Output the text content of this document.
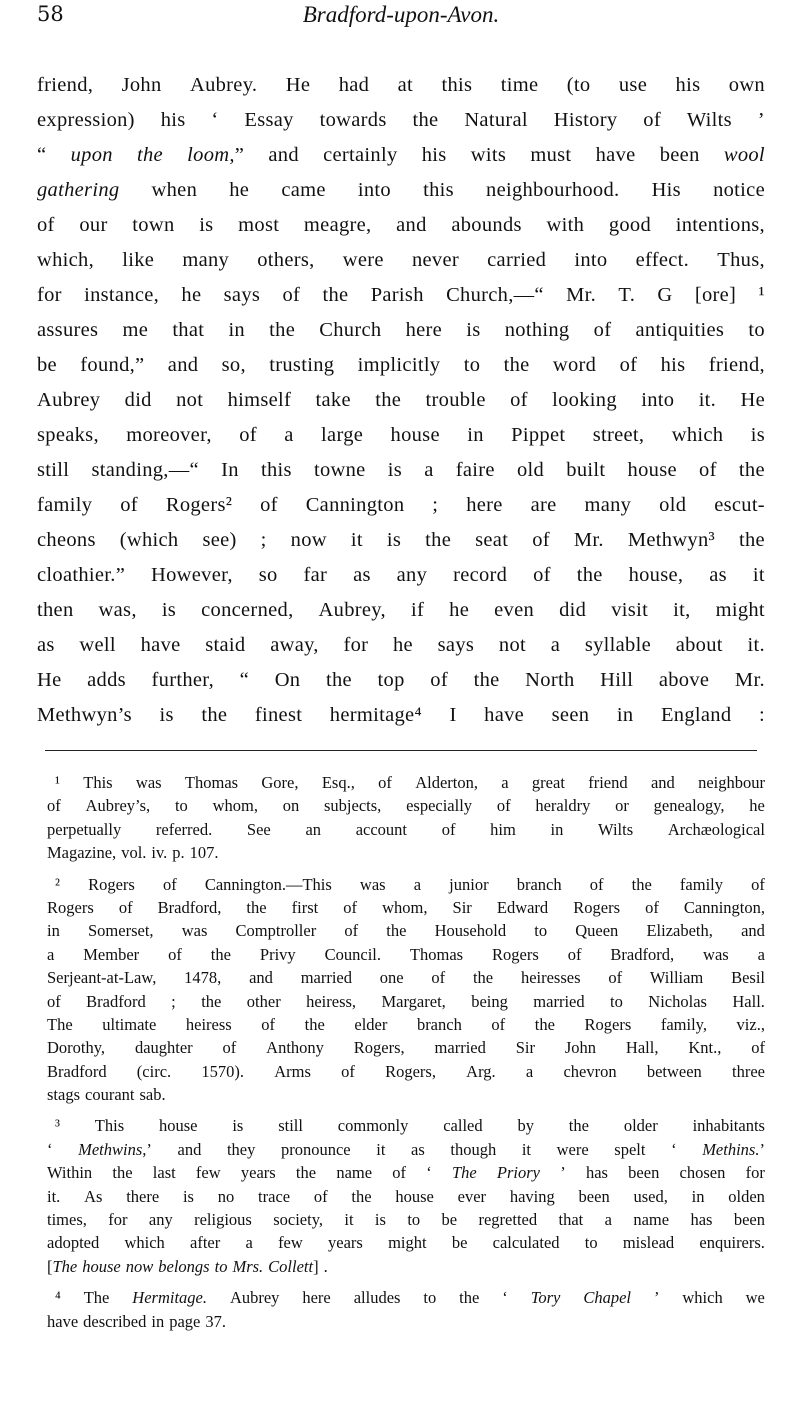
58	Bradford-upon-Avon.
friend, John Aubrey. He had at this time (to use his own
expression) his ‘ Essay towards the Natural History of Wilts ’
“ upon the loom,” and certainly his wits must have been wool
gathering when he came into this neighbourhood. His notice
of our town is most meagre, and abounds with good intentions,
which, like many others, were never carried into effect. Thus,
for instance, he says of the Parish Church,—“ Mr. T. G [ore] ¹
assures me that in the Church here is nothing of antiquities to
be found,” and so, trusting implicitly to the word of his friend,
Aubrey did not himself take the trouble of looking into it. He
speaks, moreover, of a large house in Pippet street, which is
still standing,—“ In this towne is a faire old built house of the
family of Rogers² of Cannington ; here are many old escut-
cheons (which see) ; now it is the seat of Mr. Methwyn³ the
cloathier.” However, so far as any record of the house, as it
then was, is concerned, Aubrey, if he even did visit it, might
as well have staid away, for he says not a syllable about it.
He adds further, “ On the top of the North Hill above Mr.
Methwyn’s is the finest hermitage⁴ I have seen in England :
¹ This was Thomas Gore, Esq., of Alderton, a great friend and neighbour
of Aubrey’s, to whom, on subjects, especially of heraldry or genealogy, he
perpetually referred. See an account of him in Wilts Archæological
Magazine, vol. iv. p. 107.
² Rogers of Cannington.—This was a junior branch of the family of
Rogers of Bradford, the first of whom, Sir Edward Rogers of Cannington,
in Somerset, was Comptroller of the Household to Queen Elizabeth, and
a Member of the Privy Council. Thomas Rogers of Bradford, was a
Serjeant-at-Law, 1478, and married one of the heiresses of William Besil
of Bradford ; the other heiress, Margaret, being married to Nicholas Hall.
The ultimate heiress of the elder branch of the Rogers family, viz.,
Dorothy, daughter of Anthony Rogers, married Sir John Hall, Knt., of
Bradford (circ. 1570). Arms of Rogers, Arg. a chevron between three
stags courant sab.
³ This house is still commonly called by the older inhabitants
‘ Methwins,’ and they pronounce it as though it were spelt ‘ Methins.’
Within the last few years the name of ‘ The Priory ’ has been chosen for
it. As there is no trace of the house ever having been used, in olden
times, for any religious society, it is to be regretted that a name has been
adopted which after a few years might be calculated to mislead enquirers.
[The house now belongs to Mrs. Collett] .
⁴ The Hermitage. Aubrey here alludes to the ‘ Tory Chapel ’ which we
have described in page 37.
